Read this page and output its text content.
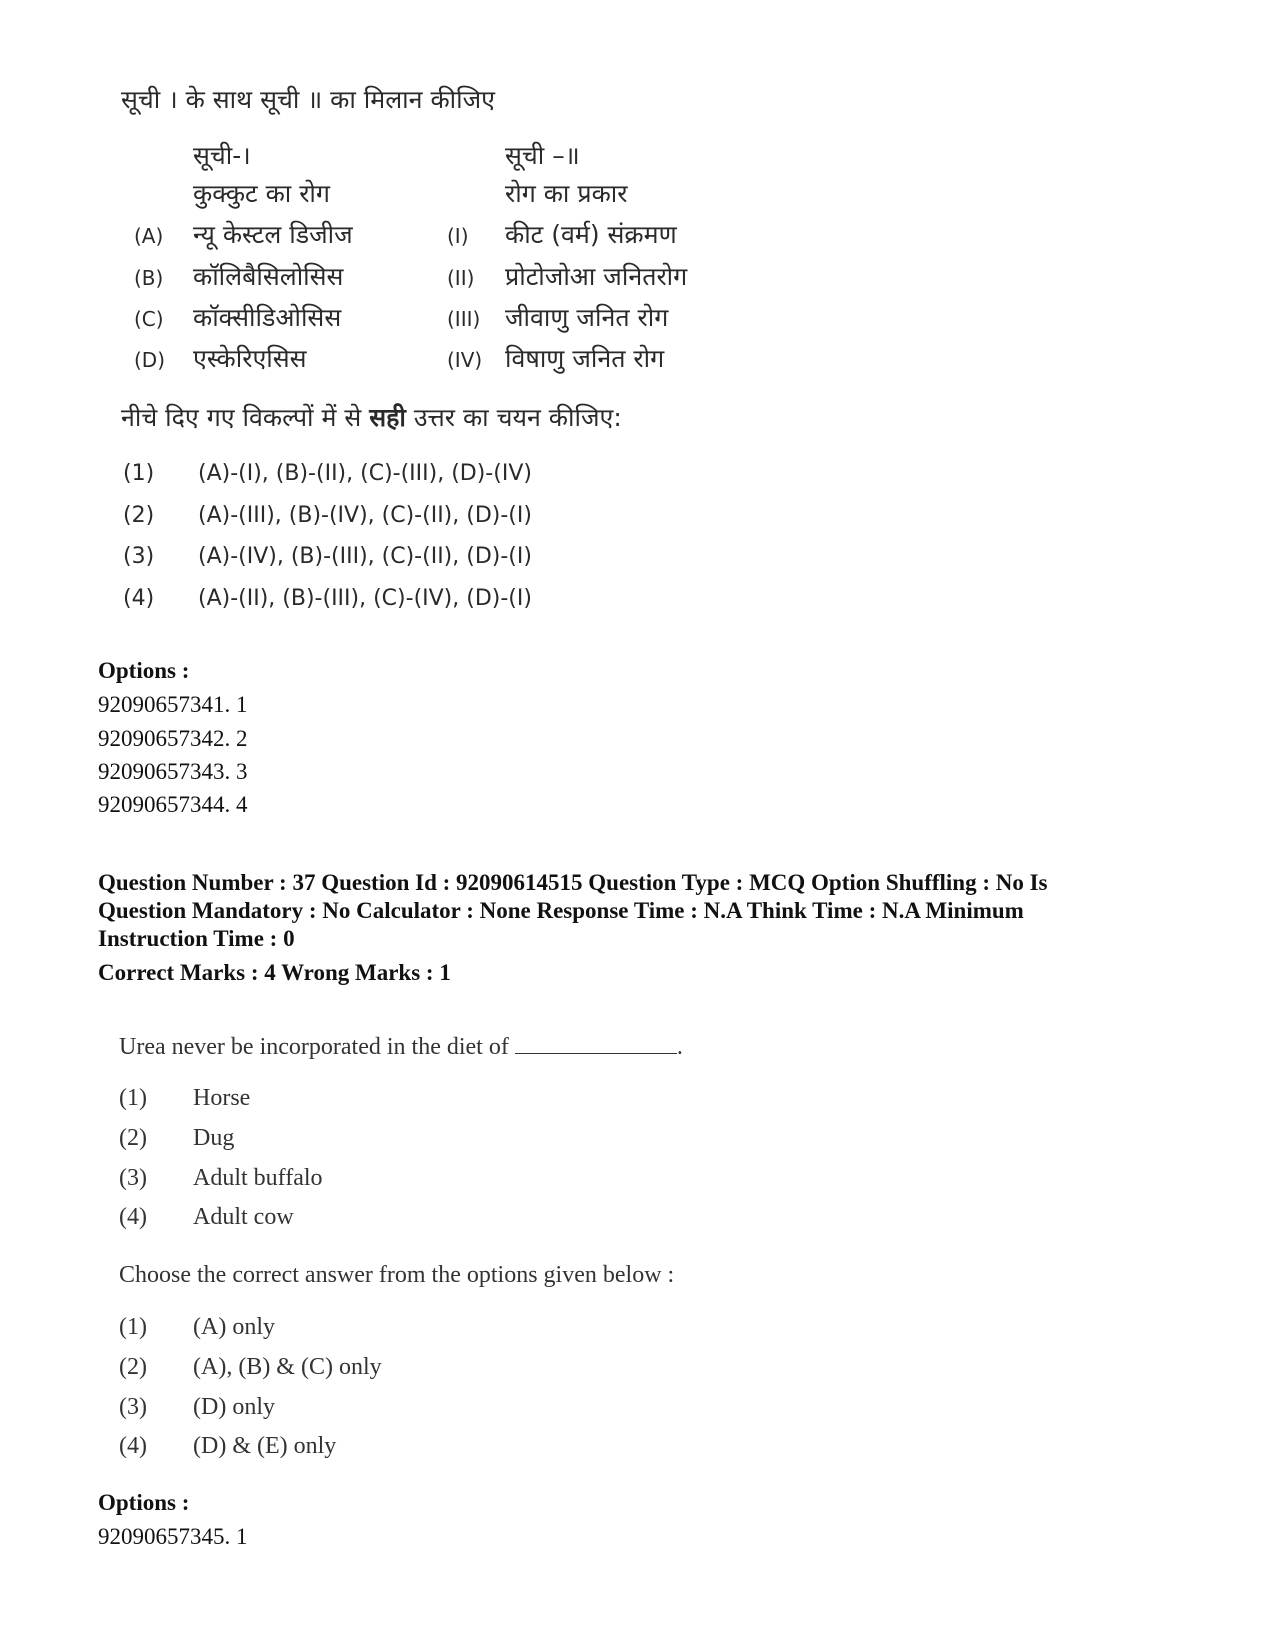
सूची । के साथ सूची ॥ का मिलान कीजिए
सूची-।	सूची –॥
कुक्कुट का रोग	रोग का प्रकार
(A) न्यू केस्टल डिजीज	(I) कीट (वर्म) संक्रमण
(B) कॉलिबैसिलोसिस	(II) प्रोटोजोआ जनितरोग
(C) कॉक्सीडिओसिस	(III) जीवाणु जनित रोग
(D) एस्केरिएसिस	(IV) विषाणु जनित रोग
नीचे दिए गए विकल्पों में से सही उत्तर का चयन कीजिए:
(1) (A)-(I), (B)-(II), (C)-(III), (D)-(IV)
(2) (A)-(III), (B)-(IV), (C)-(II), (D)-(I)
(3) (A)-(IV), (B)-(III), (C)-(II), (D)-(I)
(4) (A)-(II), (B)-(III), (C)-(IV), (D)-(I)
Options :
92090657341. 1
92090657342. 2
92090657343. 3
92090657344. 4
Question Number : 37 Question Id : 92090614515 Question Type : MCQ Option Shuffling : No Is
Question Mandatory : No Calculator : None Response Time : N.A Think Time : N.A Minimum
Instruction Time : 0
Correct Marks : 4 Wrong Marks : 1
Urea never be incorporated in the diet of	.
(1) Horse
(2) Dug
(3) Adult buffalo
(4) Adult cow
Choose the correct answer from the options given below :
(1) (A) only
(2) (A), (B) & (C) only
(3) (D) only
(4) (D) & (E) only
Options :
92090657345. 1
